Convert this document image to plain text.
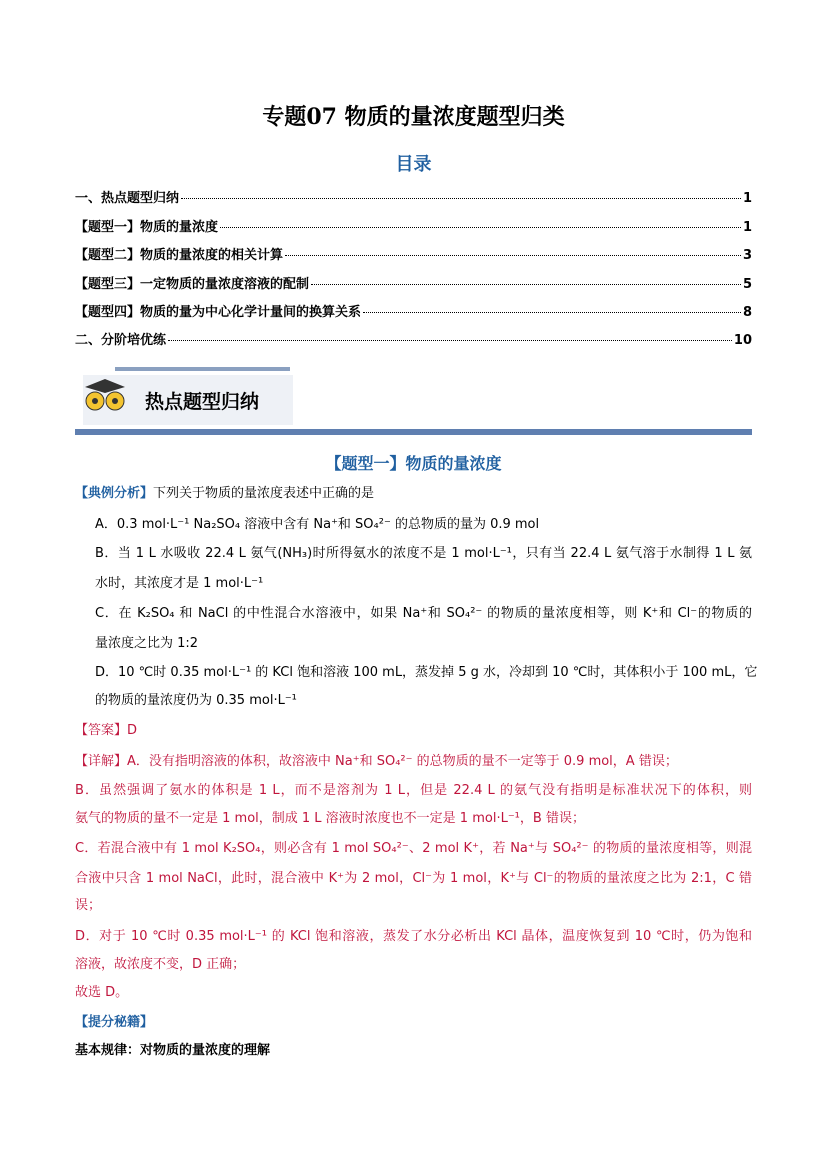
专题07 物质的量浓度题型归类
目录
一、热点题型归纳	1
【题型一】物质的量浓度	1
【题型二】物质的量浓度的相关计算	3
【题型三】一定物质的量浓度溶液的配制	5
【题型四】物质的量为中心化学计量间的换算关系	8
二、分阶培优练	10
热点题型归纳
【题型一】物质的量浓度
【典例分析】下列关于物质的量浓度表述中正确的是
A．0.3 mol·L⁻¹ Na₂SO₄ 溶液中含有 Na⁺和 SO₄²⁻ 的总物质的量为 0.9 mol
B．当 1 L 水吸收 22.4 L 氨气(NH₃)时所得氨水的浓度不是 1 mol·L⁻¹，只有当 22.4 L 氨气溶于水制得 1 L 氨
水时，其浓度才是 1 mol·L⁻¹
C．在 K₂SO₄ 和 NaCl 的中性混合水溶液中，如果 Na⁺和 SO₄²⁻ 的物质的量浓度相等，则 K⁺和 Cl⁻的物质的
量浓度之比为 1:2
D．10 ℃时 0.35 mol·L⁻¹ 的 KCl 饱和溶液 100 mL，蒸发掉 5 g 水，冷却到 10 ℃时，其体积小于 100 mL，它
的物质的量浓度仍为 0.35 mol·L⁻¹
【答案】D
【详解】A．没有指明溶液的体积，故溶液中 Na⁺和 SO₄²⁻ 的总物质的量不一定等于 0.9 mol，A 错误；
B．虽然强调了氨水的体积是 1 L，而不是溶剂为 1 L，但是 22.4 L 的氨气没有指明是标准状况下的体积，则
氨气的物质的量不一定是 1 mol，制成 1 L 溶液时浓度也不一定是 1 mol·L⁻¹，B 错误；
C．若混合液中有 1 mol K₂SO₄，则必含有 1 mol SO₄²⁻、2 mol K⁺，若 Na⁺与 SO₄²⁻ 的物质的量浓度相等，则混
合液中只含 1 mol NaCl，此时，混合液中 K⁺为 2 mol，Cl⁻为 1 mol，K⁺与 Cl⁻的物质的量浓度之比为 2:1，C 错
误；
D．对于 10 ℃时 0.35 mol·L⁻¹ 的 KCl 饱和溶液，蒸发了水分必析出 KCl 晶体，温度恢复到 10 ℃时，仍为饱和
溶液，故浓度不变，D 正确；
故选 D。
【提分秘籍】
基本规律：对物质的量浓度的理解
